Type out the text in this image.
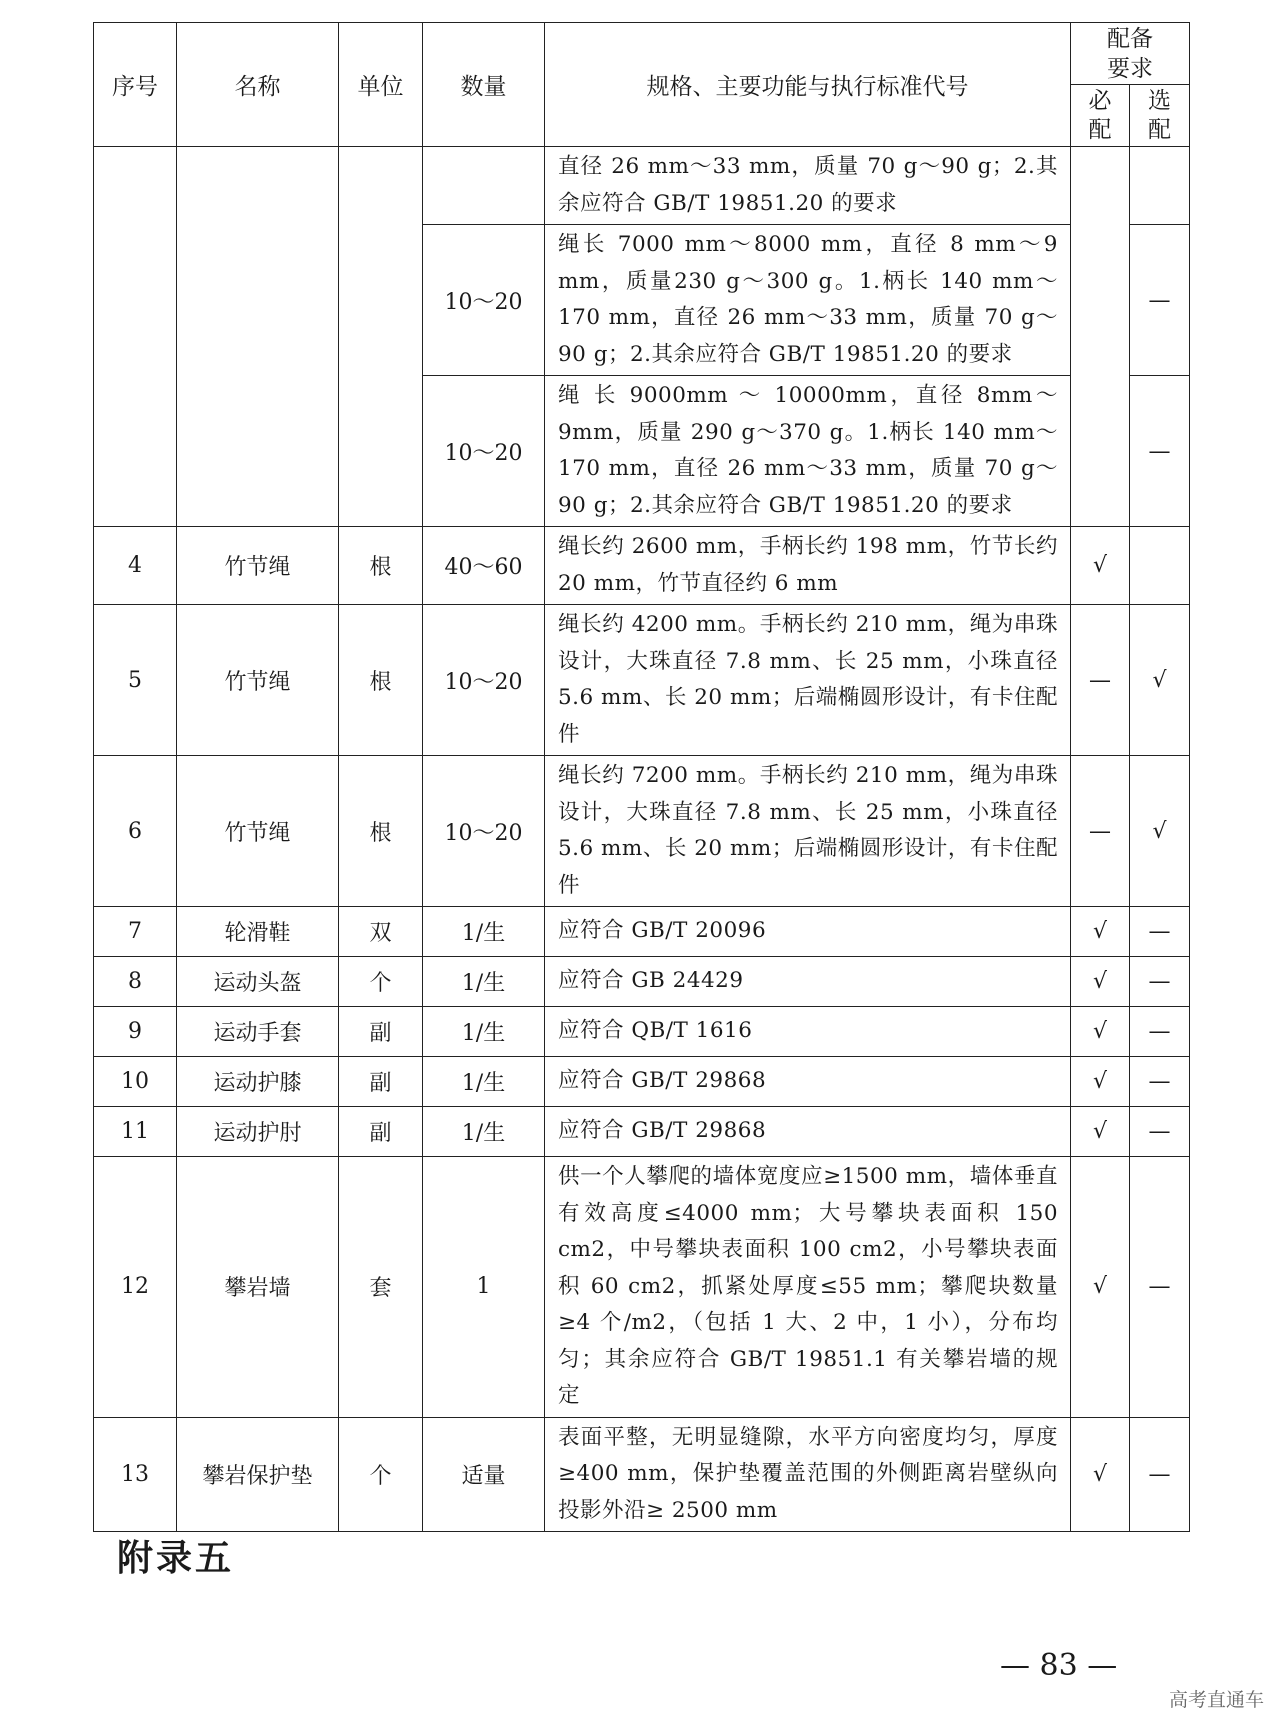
序号	名称	单位	数量	规格、主要功能与执行标准代号	配备要求	
					必配	选配
				直径 26 mm～33 mm，质量 70 g～90 g；2.其余应符合 GB/T 19851.20 的要求		
			10～20	绳长 7000 mm～8000 mm，直径 8 mm～9 mm，质量230 g～300 g。1.柄长 140 mm～170 mm，直径 26 mm～33 mm，质量 70 g～90 g；2.其余应符合 GB/T 19851.20 的要求		—
			10～20	绳 长 9000mm ～ 10000mm，直径 8mm～9mm，质量 290 g～370 g。1.柄长 140 mm～170 mm，直径 26 mm～33 mm，质量 70 g～90 g；2.其余应符合 GB/T 19851.20 的要求		—
4	竹节绳	根	40～60	绳长约 2600 mm，手柄长约 198 mm，竹节长约 20 mm，竹节直径约 6 mm	√	
5	竹节绳	根	10～20	绳长约 4200 mm。手柄长约 210 mm，绳为串珠设计，大珠直径 7.8 mm、长 25 mm，小珠直径 5.6 mm、长 20 mm；后端椭圆形设计，有卡住配件	—	√
6	竹节绳	根	10～20	绳长约 7200 mm。手柄长约 210 mm，绳为串珠设计，大珠直径 7.8 mm、长 25 mm，小珠直径 5.6 mm、长 20 mm；后端椭圆形设计，有卡住配件	—	√
7	轮滑鞋	双	1/生	应符合 GB/T 20096	√	—
8	运动头盔	个	1/生	应符合 GB 24429	√	—
9	运动手套	副	1/生	应符合 QB/T 1616	√	—
10	运动护膝	副	1/生	应符合 GB/T 29868	√	—
11	运动护肘	副	1/生	应符合 GB/T 29868	√	—
12	攀岩墙	套	1	供一个人攀爬的墙体宽度应≥1500 mm，墙体垂直有效高度≤4000 mm；大号攀块表面积 150 cm2，中号攀块表面积 100 cm2，小号攀块表面积 60 cm2，抓紧处厚度≤55 mm；攀爬块数量≥4 个/m2，（包括 1 大、2 中，1 小），分布均匀；其余应符合 GB/T 19851.1 有关攀岩墙的规定	√	—
13	攀岩保护垫	个	适量	表面平整，无明显缝隙，水平方向密度均匀，厚度≥400 mm，保护垫覆盖范围的外侧距离岩壁纵向投影外沿≥ 2500 mm	√	—
附录五
— 83 —
高考直通车
